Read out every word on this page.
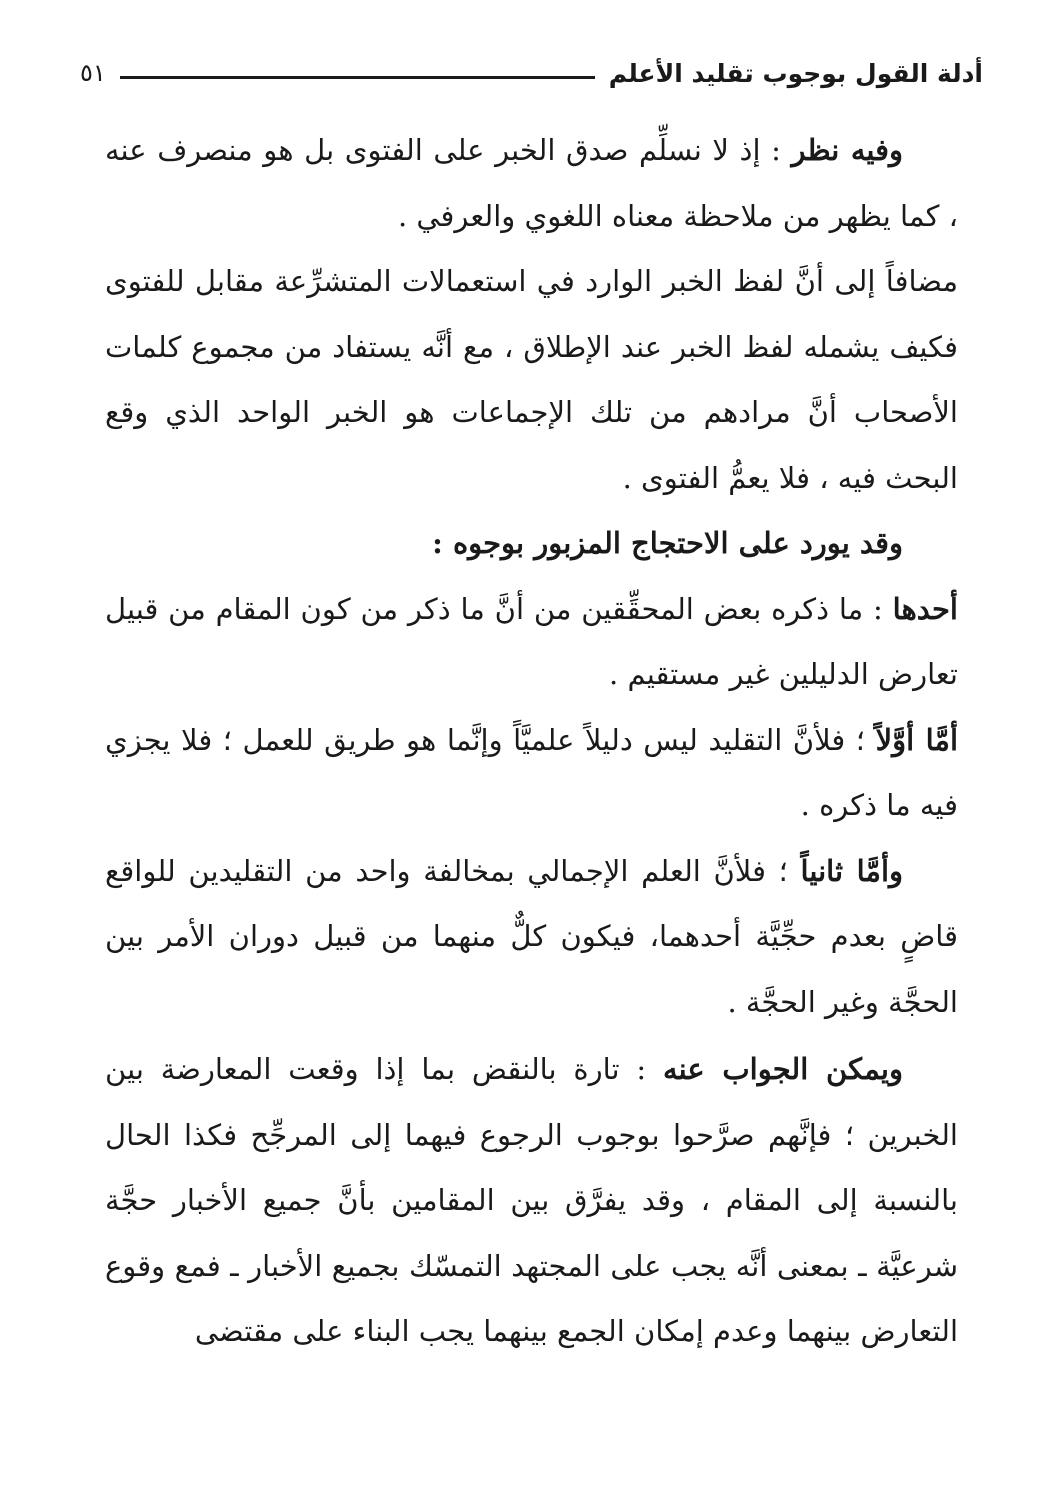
أدلة القول بوجوب تقليد الأعلم
٥١

وفيه نظر : إذ لا نسلِّم صدق الخبر على الفتوى بل هو منصرف عنه ، كما يظهر من ملاحظة معناه اللغوي والعرفي .

مضافاً إلى أنَّ لفظ الخبر الوارد في استعمالات المتشرِّعة مقابل للفتوى فكيف يشمله لفظ الخبر عند الإطلاق ، مع أنَّه يستفاد من مجموع كلمات الأصحاب أنَّ مرادهم من تلك الإجماعات هو الخبر الواحد الذي وقع البحث فيه ، فلا يعمُّ الفتوى .

وقد يورد على الاحتجاج المزبور بوجوه :

أحدها : ما ذكره بعض المحقِّقين من أنَّ ما ذكر من كون المقام من قبيل تعارض الدليلين غير مستقيم .

أمَّا أوَّلاً ؛ فلأنَّ التقليد ليس دليلاً علميَّاً وإنَّما هو طريق للعمل ؛ فلا يجزي فيه ما ذكره .

وأمَّا ثانياً ؛ فلأنَّ العلم الإجمالي بمخالفة واحد من التقليدين للواقع قاضٍ بعدم حجِّيَّة أحدهما، فيكون كلٌّ منهما من قبيل دوران الأمر بين الحجَّة وغير الحجَّة .

ويمكن الجواب عنه : تارة بالنقض بما إذا وقعت المعارضة بين الخبرين ؛ فإنَّهم صرَّحوا بوجوب الرجوع فيهما إلى المرجِّح فكذا الحال بالنسبة إلى المقام ، وقد يفرَّق بين المقامين بأنَّ جميع الأخبار حجَّة شرعيَّة ـ بمعنى أنَّه يجب على المجتهد التمسّك بجميع الأخبار ـ فمع وقوع التعارض بينهما وعدم إمكان الجمع بينهما يجب البناء على مقتضى
